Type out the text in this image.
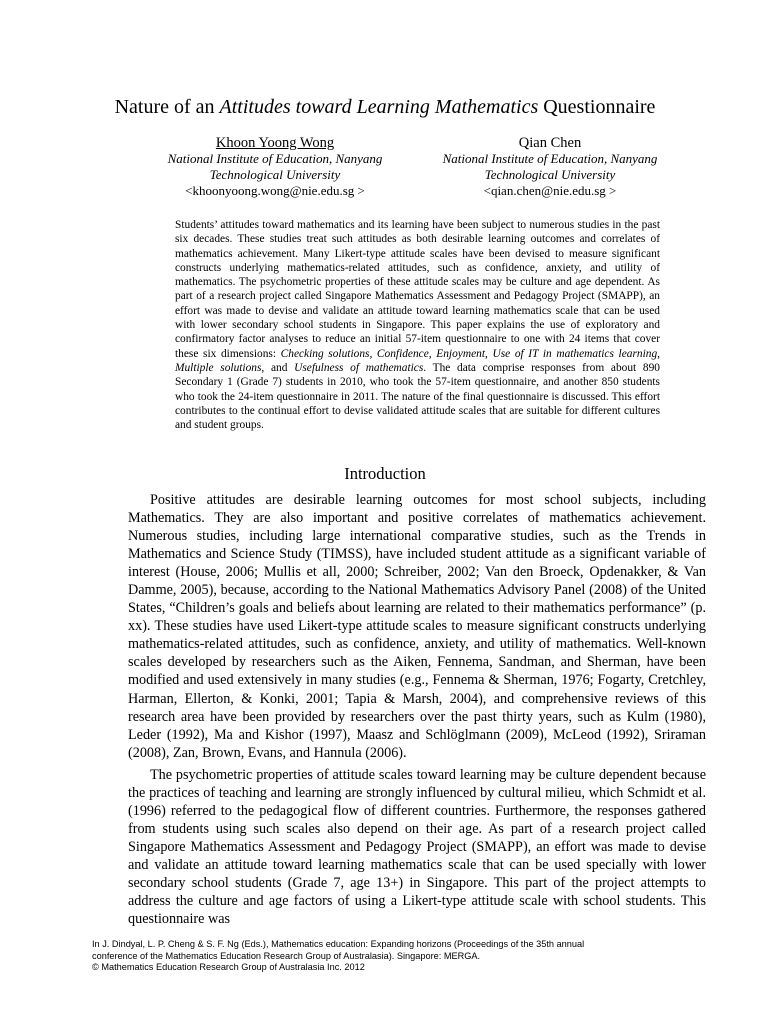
Nature of an Attitudes toward Learning Mathematics Questionnaire
Khoon Yoong Wong
National Institute of Education, Nanyang
Technological University
<khoonyoong.wong@nie.edu.sg >
Qian Chen
National Institute of Education, Nanyang
Technological University
<qian.chen@nie.edu.sg >
Students’ attitudes toward mathematics and its learning have been subject to numerous studies in the past six decades. These studies treat such attitudes as both desirable learning outcomes and correlates of mathematics achievement. Many Likert-type attitude scales have been devised to measure significant constructs underlying mathematics-related attitudes, such as confidence, anxiety, and utility of mathematics. The psychometric properties of these attitude scales may be culture and age dependent. As part of a research project called Singapore Mathematics Assessment and Pedagogy Project (SMAPP), an effort was made to devise and validate an attitude toward learning mathematics scale that can be used with lower secondary school students in Singapore. This paper explains the use of exploratory and confirmatory factor analyses to reduce an initial 57-item questionnaire to one with 24 items that cover these six dimensions: Checking solutions, Confidence, Enjoyment, Use of IT in mathematics learning, Multiple solutions, and Usefulness of mathematics. The data comprise responses from about 890 Secondary 1 (Grade 7) students in 2010, who took the 57-item questionnaire, and another 850 students who took the 24-item questionnaire in 2011. The nature of the final questionnaire is discussed. This effort contributes to the continual effort to devise validated attitude scales that are suitable for different cultures and student groups.
Introduction

Positive attitudes are desirable learning outcomes for most school subjects, including Mathematics. They are also important and positive correlates of mathematics achievement. Numerous studies, including large international comparative studies, such as the Trends in Mathematics and Science Study (TIMSS), have included student attitude as a significant variable of interest (House, 2006; Mullis et all, 2000; Schreiber, 2002; Van den Broeck, Opdenakker, & Van Damme, 2005), because, according to the National Mathematics Advisory Panel (2008) of the United States, “Children’s goals and beliefs about learning are related to their mathematics performance” (p. xx). These studies have used Likert-type attitude scales to measure significant constructs underlying mathematics-related attitudes, such as confidence, anxiety, and utility of mathematics. Well-known scales developed by researchers such as the Aiken, Fennema, Sandman, and Sherman, have been modified and used extensively in many studies (e.g., Fennema & Sherman, 1976; Fogarty, Cretchley, Harman, Ellerton, & Konki, 2001; Tapia & Marsh, 2004), and comprehensive reviews of this research area have been provided by researchers over the past thirty years, such as Kulm (1980), Leder (1992), Ma and Kishor (1997), Maasz and Schlöglmann (2009), McLeod (1992), Sriraman (2008), Zan, Brown, Evans, and Hannula (2006).

The psychometric properties of attitude scales toward learning may be culture dependent because the practices of teaching and learning are strongly influenced by cultural milieu, which Schmidt et al. (1996) referred to the pedagogical flow of different countries. Furthermore, the responses gathered from students using such scales also depend on their age. As part of a research project called Singapore Mathematics Assessment and Pedagogy Project (SMAPP), an effort was made to devise and validate an attitude toward learning mathematics scale that can be used specially with lower secondary school students (Grade 7, age 13+) in Singapore. This part of the project attempts to address the culture and age factors of using a Likert-type attitude scale with school students. This questionnaire was

In J. Dindyal, L. P. Cheng & S. F. Ng (Eds.), Mathematics education: Expanding horizons (Proceedings of the 35th annual
conference of the Mathematics Education Research Group of Australasia). Singapore: MERGA.
© Mathematics Education Research Group of Australasia Inc. 2012
